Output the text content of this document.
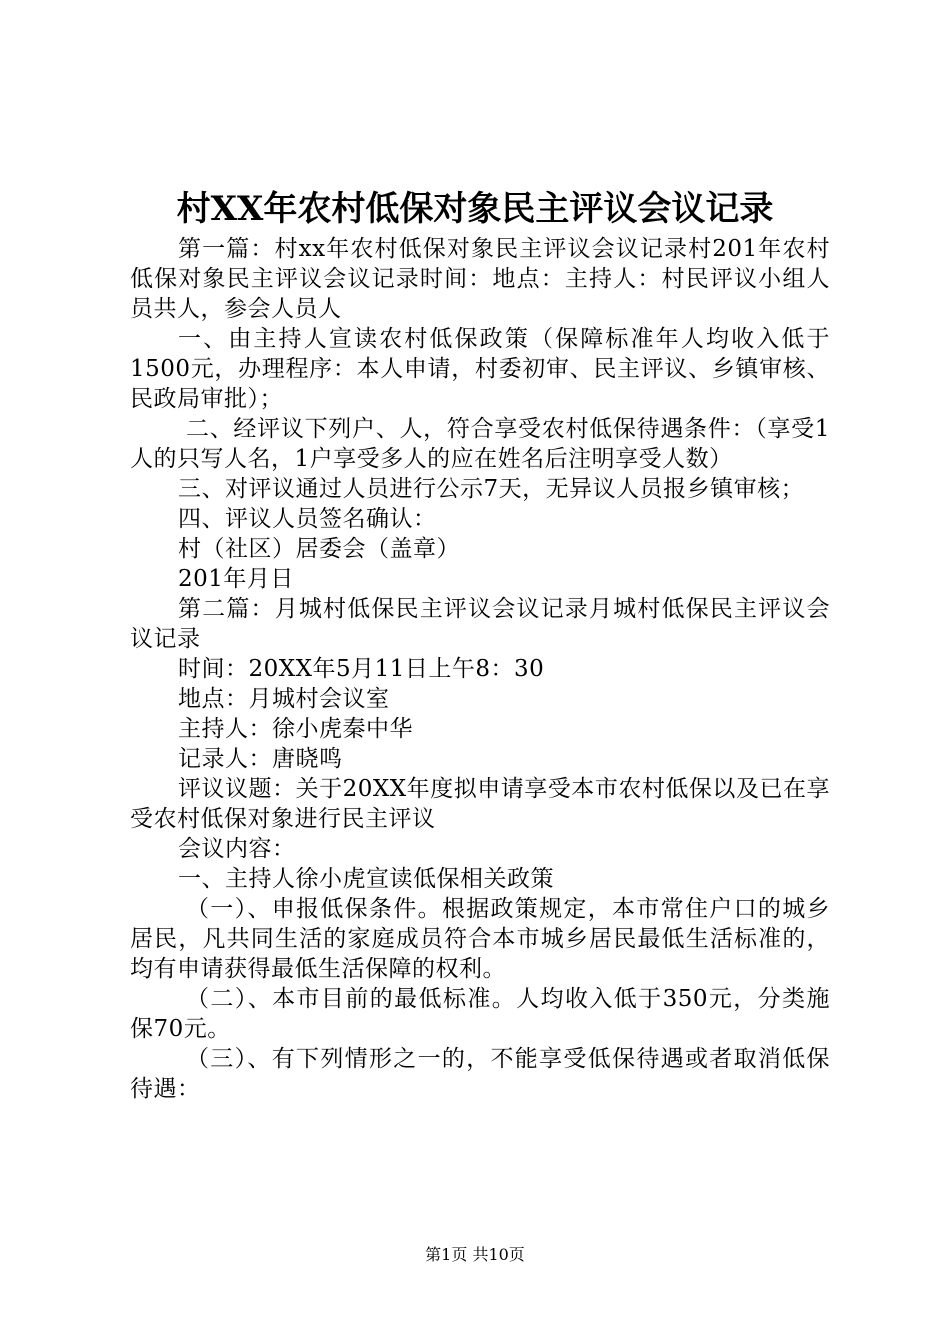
村XX年农村低保对象民主评议会议记录

第一篇：村xx年农村低保对象民主评议会议记录村201年农村低保对象民主评议会议记录时间：地点：主持人：村民评议小组人员共人，参会人员人

一、由主持人宣读农村低保政策（保障标准年人均收入低于1500元，办理程序：本人申请，村委初审、民主评议、乡镇审核、民政局审批）；

二、经评议下列户、人，符合享受农村低保待遇条件：（享受1人的只写人名，1户享受多人的应在姓名后注明享受人数）

三、对评议通过人员进行公示7天，无异议人员报乡镇审核；

四、评议人员签名确认：

村（社区）居委会（盖章）

201年月日

第二篇：月城村低保民主评议会议记录月城村低保民主评议会议记录

时间：20XX年5月11日上午8：30

地点：月城村会议室

主持人：徐小虎秦中华

记录人：唐晓鸣

评议议题：关于20XX年度拟申请享受本市农村低保以及已在享受农村低保对象进行民主评议

会议内容：

一、主持人徐小虎宣读低保相关政策

（一）、申报低保条件。根据政策规定，本市常住户口的城乡居民，凡共同生活的家庭成员符合本市城乡居民最低生活标准的，均有申请获得最低生活保障的权利。

（二）、本市目前的最低标准。人均收入低于350元，分类施保70元。

（三）、有下列情形之一的，不能享受低保待遇或者取消低保待遇：

第1页 共10页
